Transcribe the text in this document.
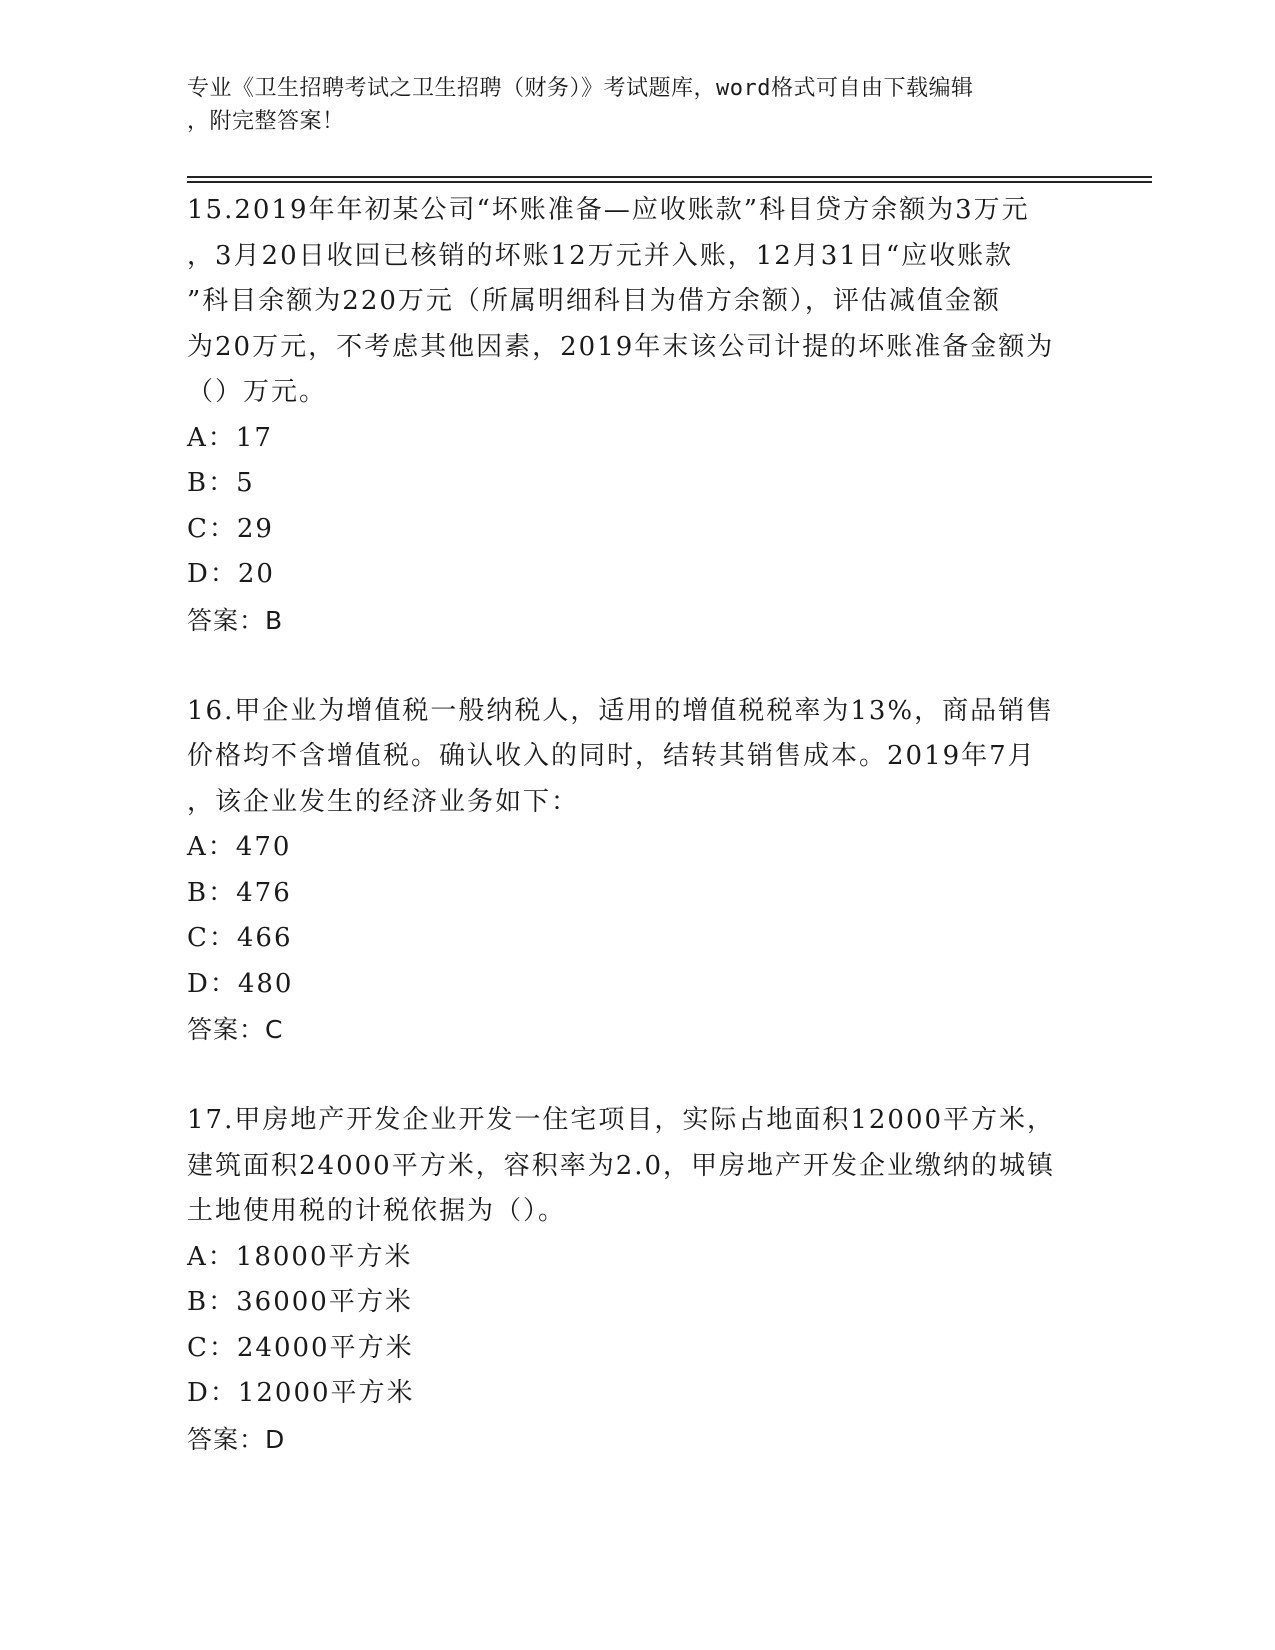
专业《卫生招聘考试之卫生招聘（财务）》考试题库，word格式可自由下载编辑
，附完整答案！
15.2019年年初某公司“坏账准备—应收账款”科目贷方余额为3万元
，3月20日收回已核销的坏账12万元并入账，12月31日“应收账款
”科目余额为220万元（所属明细科目为借方余额），评估减值金额
为20万元，不考虑其他因素，2019年末该公司计提的坏账准备金额为
（）万元。
A：17
B：5
C：29
D：20
答案：B
16.甲企业为增值税一般纳税人，适用的增值税税率为13%，商品销售
价格均不含增值税。确认收入的同时，结转其销售成本。2019年7月
，该企业发生的经济业务如下：
A：470
B：476
C：466
D：480
答案：C
17.甲房地产开发企业开发一住宅项目，实际占地面积12000平方米，
建筑面积24000平方米，容积率为2.0，甲房地产开发企业缴纳的城镇
土地使用税的计税依据为（）。
A：18000平方米
B：36000平方米
C：24000平方米
D：12000平方米
答案：D
